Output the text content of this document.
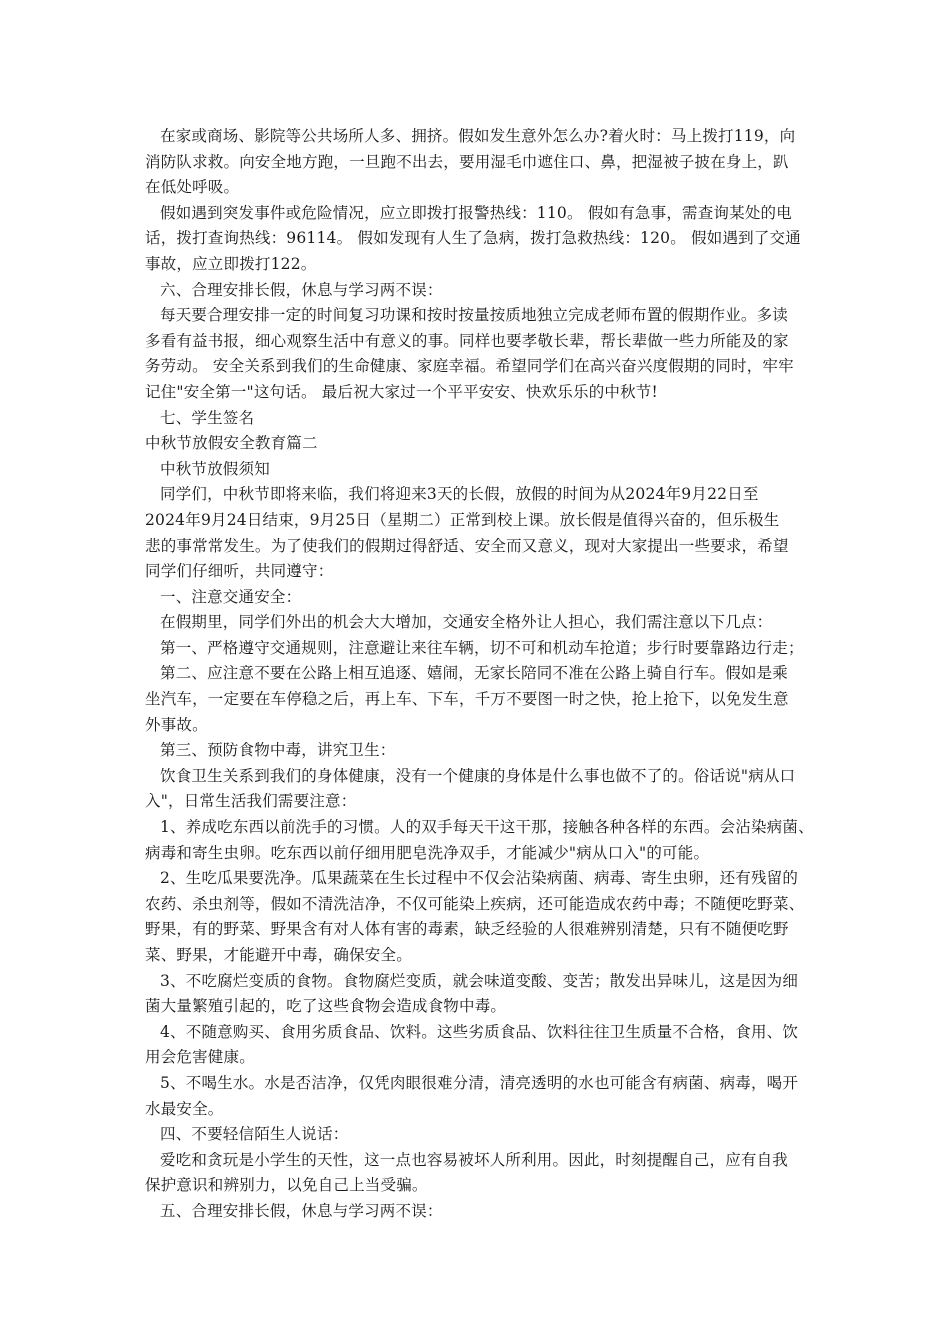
在家或商场、影院等公共场所人多、拥挤。假如发生意外怎么办?着火时：马上拨打119，向
消防队求救。向安全地方跑，一旦跑不出去，要用湿毛巾遮住口、鼻，把湿被子披在身上，趴
在低处呼吸。
假如遇到突发事件或危险情况，应立即拨打报警热线：110。 假如有急事，需查询某处的电
话，拨打查询热线：96114。 假如发现有人生了急病，拨打急救热线：120。 假如遇到了交通
事故，应立即拨打122。
六、合理安排长假，休息与学习两不误：
每天要合理安排一定的时间复习功课和按时按量按质地独立完成老师布置的假期作业。多读
多看有益书报，细心观察生活中有意义的事。同样也要孝敬长辈，帮长辈做一些力所能及的家
务劳动。 安全关系到我们的生命健康、家庭幸福。希望同学们在高兴奋兴度假期的同时，牢牢
记住"安全第一"这句话。 最后祝大家过一个平平安安、快欢乐乐的中秋节!
七、学生签名
中秋节放假安全教育篇二
中秋节放假须知
同学们，中秋节即将来临，我们将迎来3天的长假，放假的时间为从2024年9月22日至
2024年9月24日结束，9月25日（星期二）正常到校上课。放长假是值得兴奋的，但乐极生
悲的事常常发生。为了使我们的假期过得舒适、安全而又意义，现对大家提出一些要求，希望
同学们仔细听，共同遵守：
一、注意交通安全：
在假期里，同学们外出的机会大大增加，交通安全格外让人担心，我们需注意以下几点：
第一、严格遵守交通规则，注意避让来往车辆，切不可和机动车抢道；步行时要靠路边行走；
第二、应注意不要在公路上相互追逐、嬉闹，无家长陪同不准在公路上骑自行车。假如是乘
坐汽车，一定要在车停稳之后，再上车、下车，千万不要图一时之快，抢上抢下，以免发生意
外事故。
第三、预防食物中毒，讲究卫生：
饮食卫生关系到我们的身体健康，没有一个健康的身体是什么事也做不了的。俗话说"病从口
入"，日常生活我们需要注意：
1、养成吃东西以前洗手的习惯。人的双手每天干这干那，接触各种各样的东西。会沾染病菌、
病毒和寄生虫卵。吃东西以前仔细用肥皂洗净双手，才能减少"病从口入"的可能。
2、生吃瓜果要洗净。瓜果蔬菜在生长过程中不仅会沾染病菌、病毒、寄生虫卵，还有残留的
农药、杀虫剂等，假如不清洗洁净，不仅可能染上疾病，还可能造成农药中毒；不随便吃野菜、
野果，有的野菜、野果含有对人体有害的毒素，缺乏经验的人很难辨别清楚，只有不随便吃野
菜、野果，才能避开中毒，确保安全。
3、不吃腐烂变质的食物。食物腐烂变质，就会味道变酸、变苦；散发出异味儿，这是因为细
菌大量繁殖引起的，吃了这些食物会造成食物中毒。
4、不随意购买、食用劣质食品、饮料。这些劣质食品、饮料往往卫生质量不合格，食用、饮
用会危害健康。
5、不喝生水。水是否洁净，仅凭肉眼很难分清，清亮透明的水也可能含有病菌、病毒，喝开
水最安全。
四、不要轻信陌生人说话：
爱吃和贪玩是小学生的天性，这一点也容易被坏人所利用。因此，时刻提醒自己，应有自我
保护意识和辨别力，以免自己上当受骗。
五、合理安排长假，休息与学习两不误：
